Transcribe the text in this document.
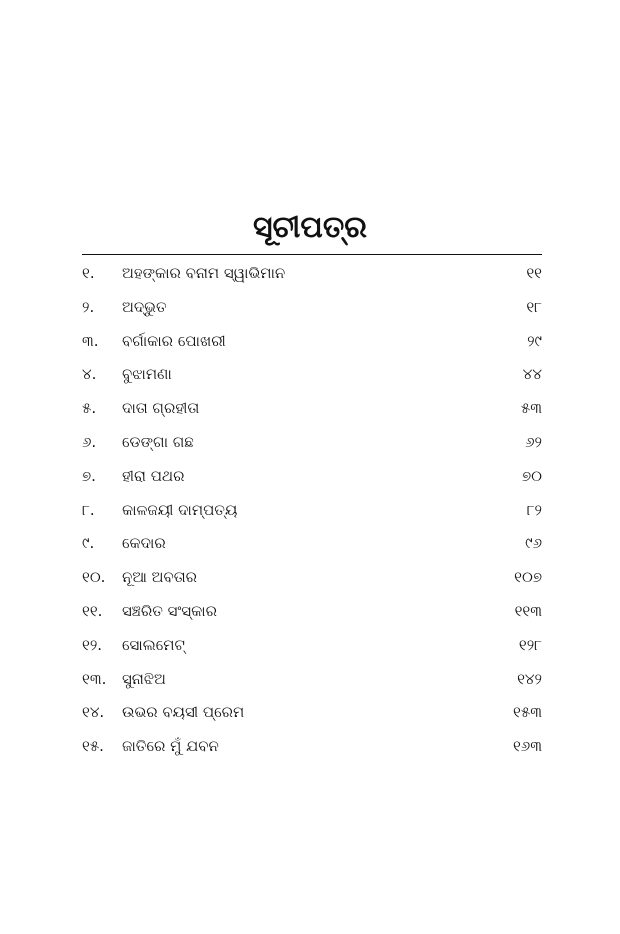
ସୂଚୀପତ୍ର
୧.	ଅହଙ୍କାର ବନାମ ସ୍ୱାଭିମାନ	୧୧
୨.	ଅଦ୍‌ଭୁତ	୧୮
୩.	ବର୍ଗାକାର ପୋଖରୀ	୨୯
୪.	ବୁଝାମଣା	୪୪
୫.	ଦାତା ଗ୍ରହୀତା	୫୩
୬.	ଡେଙ୍ଗା ଗଛ	୬୨
୭.	ହୀରା ପଥର	୭୦
୮.	କାଳଜୟୀ ଦାମ୍ପତ୍ୟ	୮୨
୯.	କେଦାର	୯୬
୧୦.	ନୂଆ ଅବତାର	୧୦୭
୧୧.	ସଞ୍ଚରିତ ସଂସ୍କାର	୧୧୩
୧୨.	ସୋଲମେଟ୍	୧୨୮
୧୩.	ସୁନାଝିଅ	୧୪୨
୧୪.	ଉଭର ବୟସୀ ପ୍ରେମ	୧୫୩
୧୫.	ଜାତିରେ ମୁଁ ଯବନ	୧୬୩
